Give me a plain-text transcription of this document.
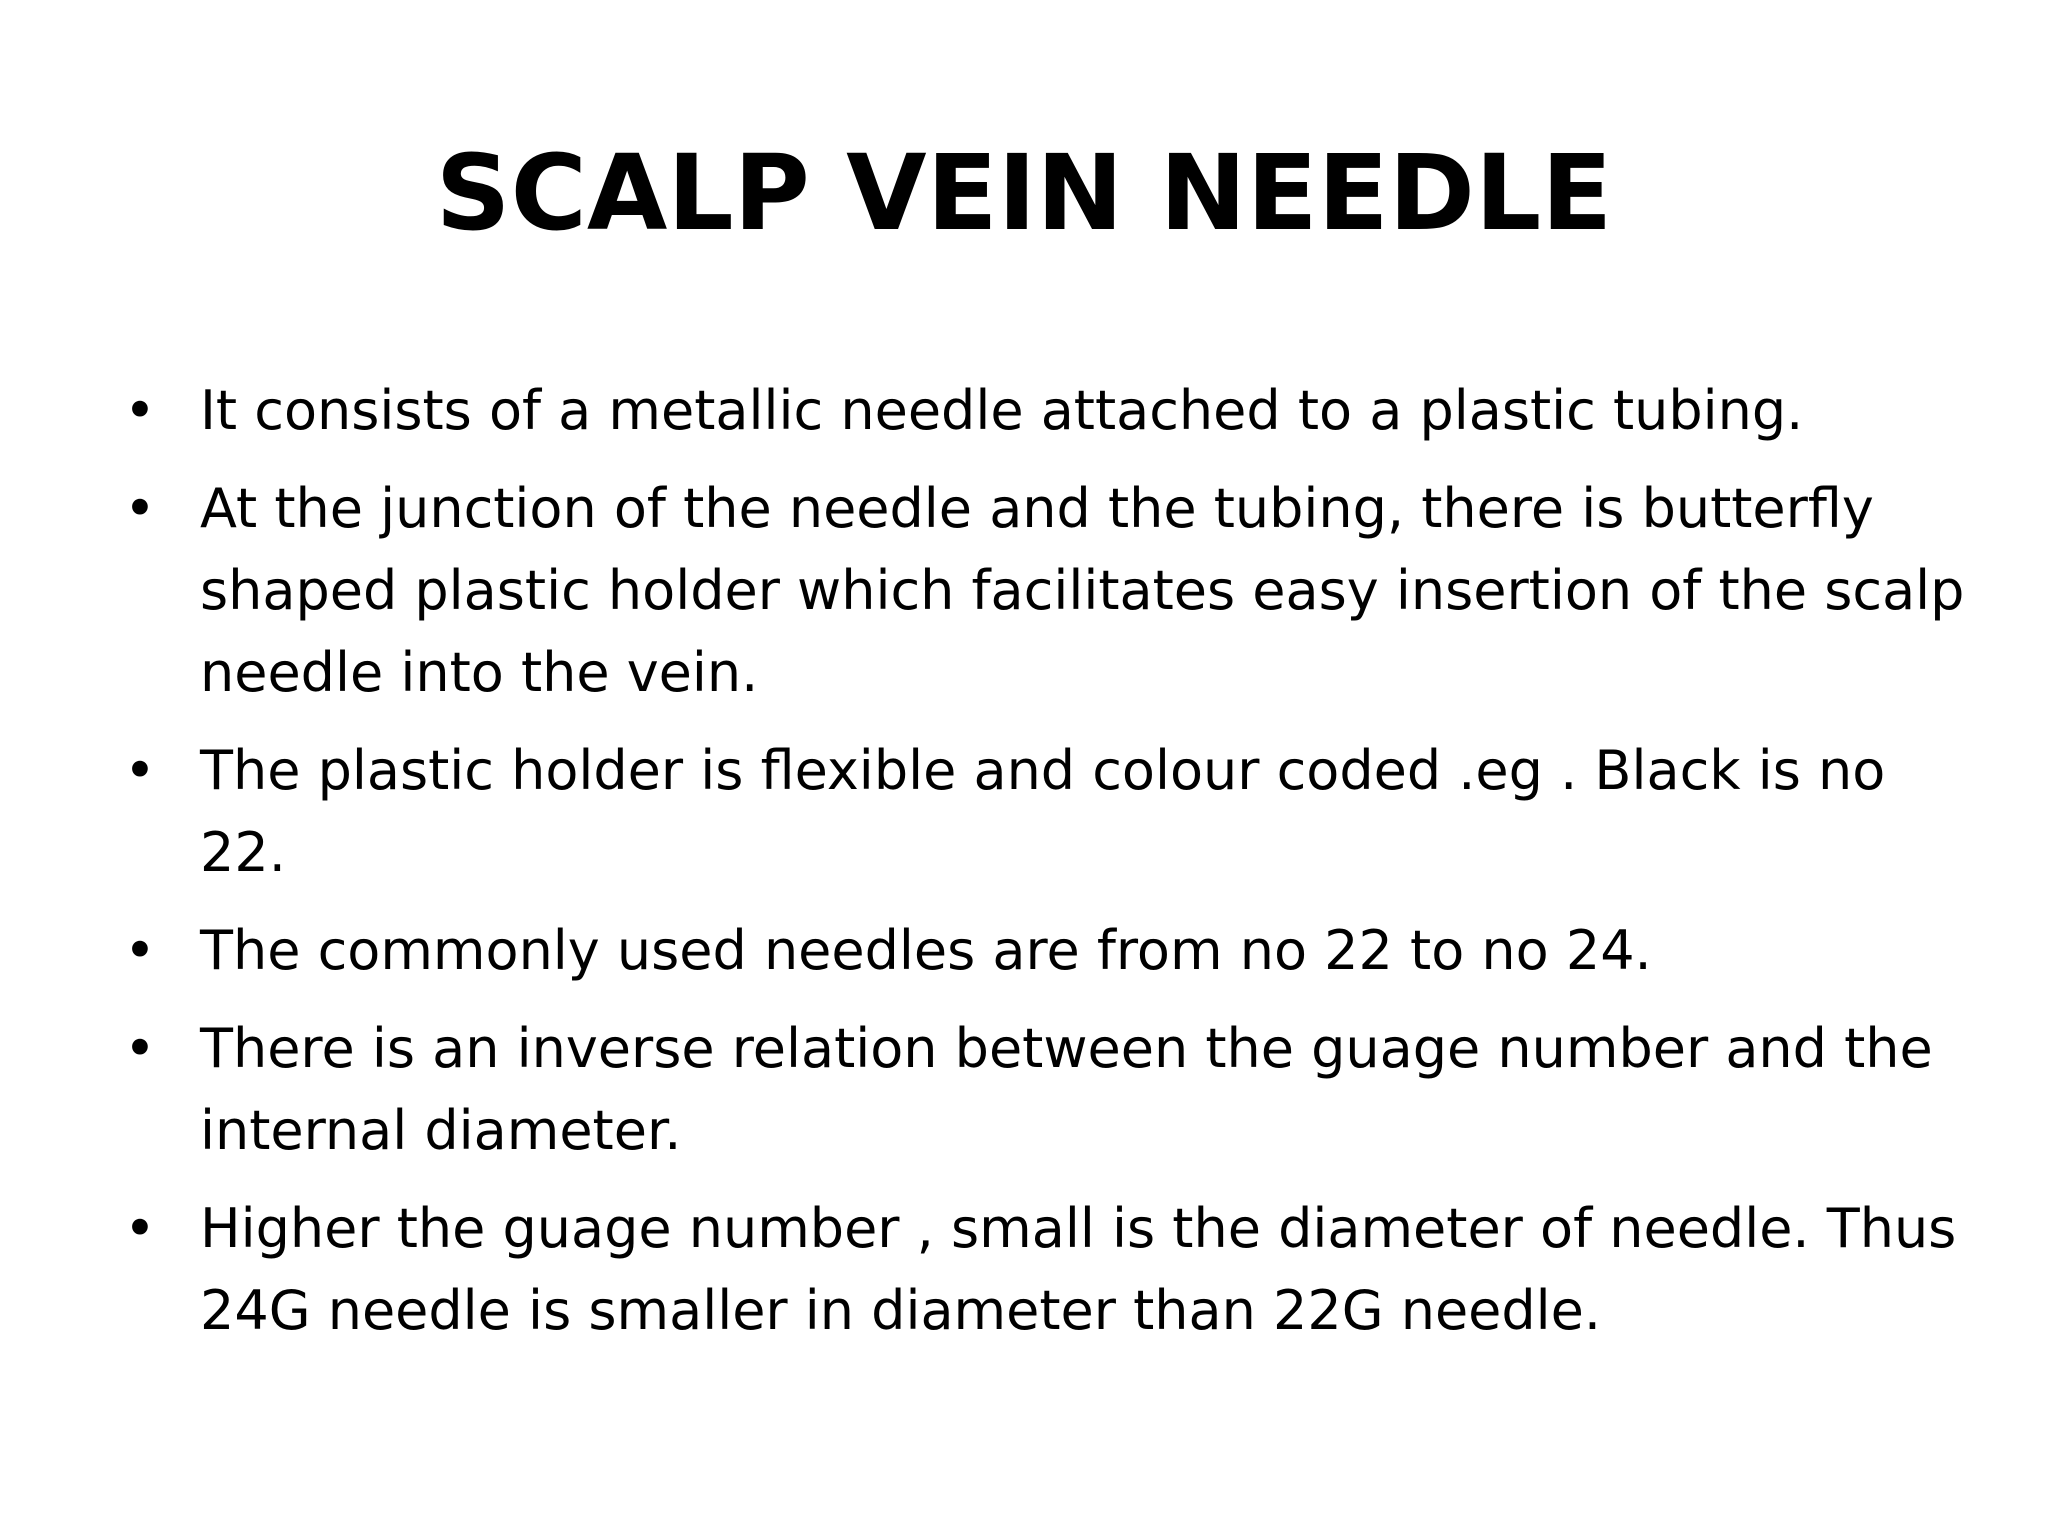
SCALP VEIN NEEDLE
• It consists of a metallic needle attached to a plastic tubing.
• At the junction of the needle and the tubing, there is butterfly shaped plastic holder which facilitates easy insertion of the scalp needle into the vein.
• The plastic holder is flexible and colour coded .eg . Black is no 22.
• The commonly used needles are from no 22 to no 24.
• There is an inverse relation between the guage number and the internal diameter.
• Higher the guage number , small is the diameter of needle. Thus 24G needle is smaller in diameter than 22G needle.
